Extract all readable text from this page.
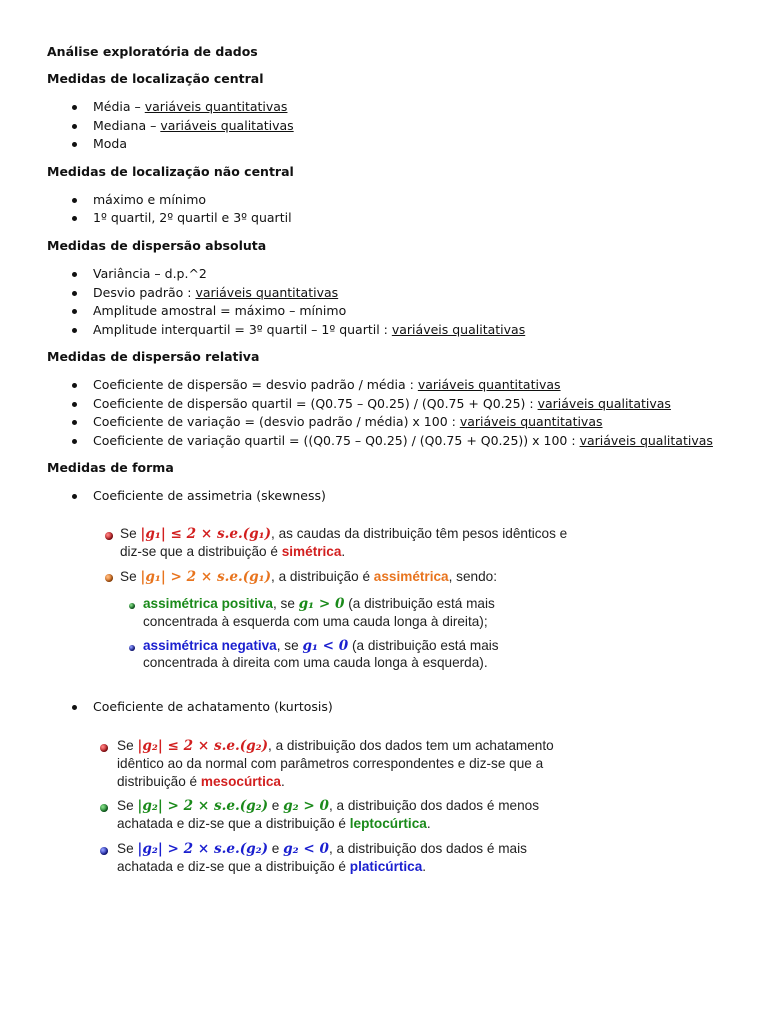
Análise exploratória de dados
Medidas de localização central
Média – variáveis quantitativas
Mediana – variáveis qualitativas
Moda
Medidas de localização não central
máximo e mínimo
1º quartil, 2º quartil e 3º quartil
Medidas de dispersão absoluta
Variância – d.p.^2
Desvio padrão : variáveis quantitativas
Amplitude amostral = máximo – mínimo
Amplitude interquartil = 3º quartil – 1º quartil : variáveis qualitativas
Medidas de dispersão relativa
Coeficiente de dispersão = desvio padrão / média : variáveis quantitativas
Coeficiente de dispersão quartil = (Q0.75 – Q0.25) / (Q0.75 + Q0.25) : variáveis qualitativas
Coeficiente de variação = (desvio padrão / média) x 100 : variáveis quantitativas
Coeficiente de variação quartil = ((Q0.75 – Q0.25) / (Q0.75 + Q0.25)) x 100 : variáveis qualitativas
Medidas de forma
Coeficiente de assimetria (skewness)
Se |g₁| ≤ 2 × s.e.(g₁), as caudas da distribuição têm pesos idênticos e
diz-se que a distribuição é simétrica.
Se |g₁| > 2 × s.e.(g₁), a distribuição é assimétrica, sendo:
assimétrica positiva, se g₁ > 0 (a distribuição está mais
concentrada à esquerda com uma cauda longa à direita);
assimétrica negativa, se g₁ < 0 (a distribuição está mais
concentrada à direita com uma cauda longa à esquerda).
Coeficiente de achatamento (kurtosis)
Se |g₂| ≤ 2 × s.e.(g₂), a distribuição dos dados tem um achatamento
idêntico ao da normal com parâmetros correspondentes e diz-se que a
distribuição é mesocúrtica.
Se |g₂| > 2 × s.e.(g₂) e g₂ > 0, a distribuição dos dados é menos
achatada e diz-se que a distribuição é leptocúrtica.
Se |g₂| > 2 × s.e.(g₂) e g₂ < 0, a distribuição dos dados é mais
achatada e diz-se que a distribuição é platicúrtica.
